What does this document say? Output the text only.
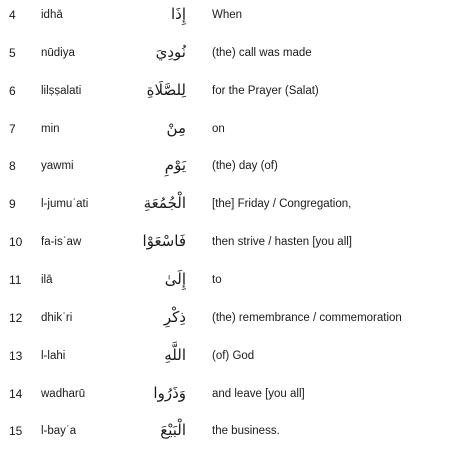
4 idhā	إِذَا When
5 nūdiya	نُودِيَ (the) call was made
6 lilṣṣalati	لِلصَّلَاةِ for the Prayer (Salat)
7 min	مِنْ on
8 yawmi	يَوْمِ (the) day (of)
9 l-jumuʿati	الْجُمُعَةِ [the] Friday / Congregation,
10 fa-isʿaw	فَاسْعَوْا then strive / hasten [you all]
11 ilā	إِلَىٰ to
12 dhikʿri	ذِكْرِ (the) remembrance / commemoration
13 l-lahi	اللَّهِ (of) God
14 wadharū	وَذَرُوا and leave [you all]
15 l-bayʿa	الْبَيْعَ the business.
